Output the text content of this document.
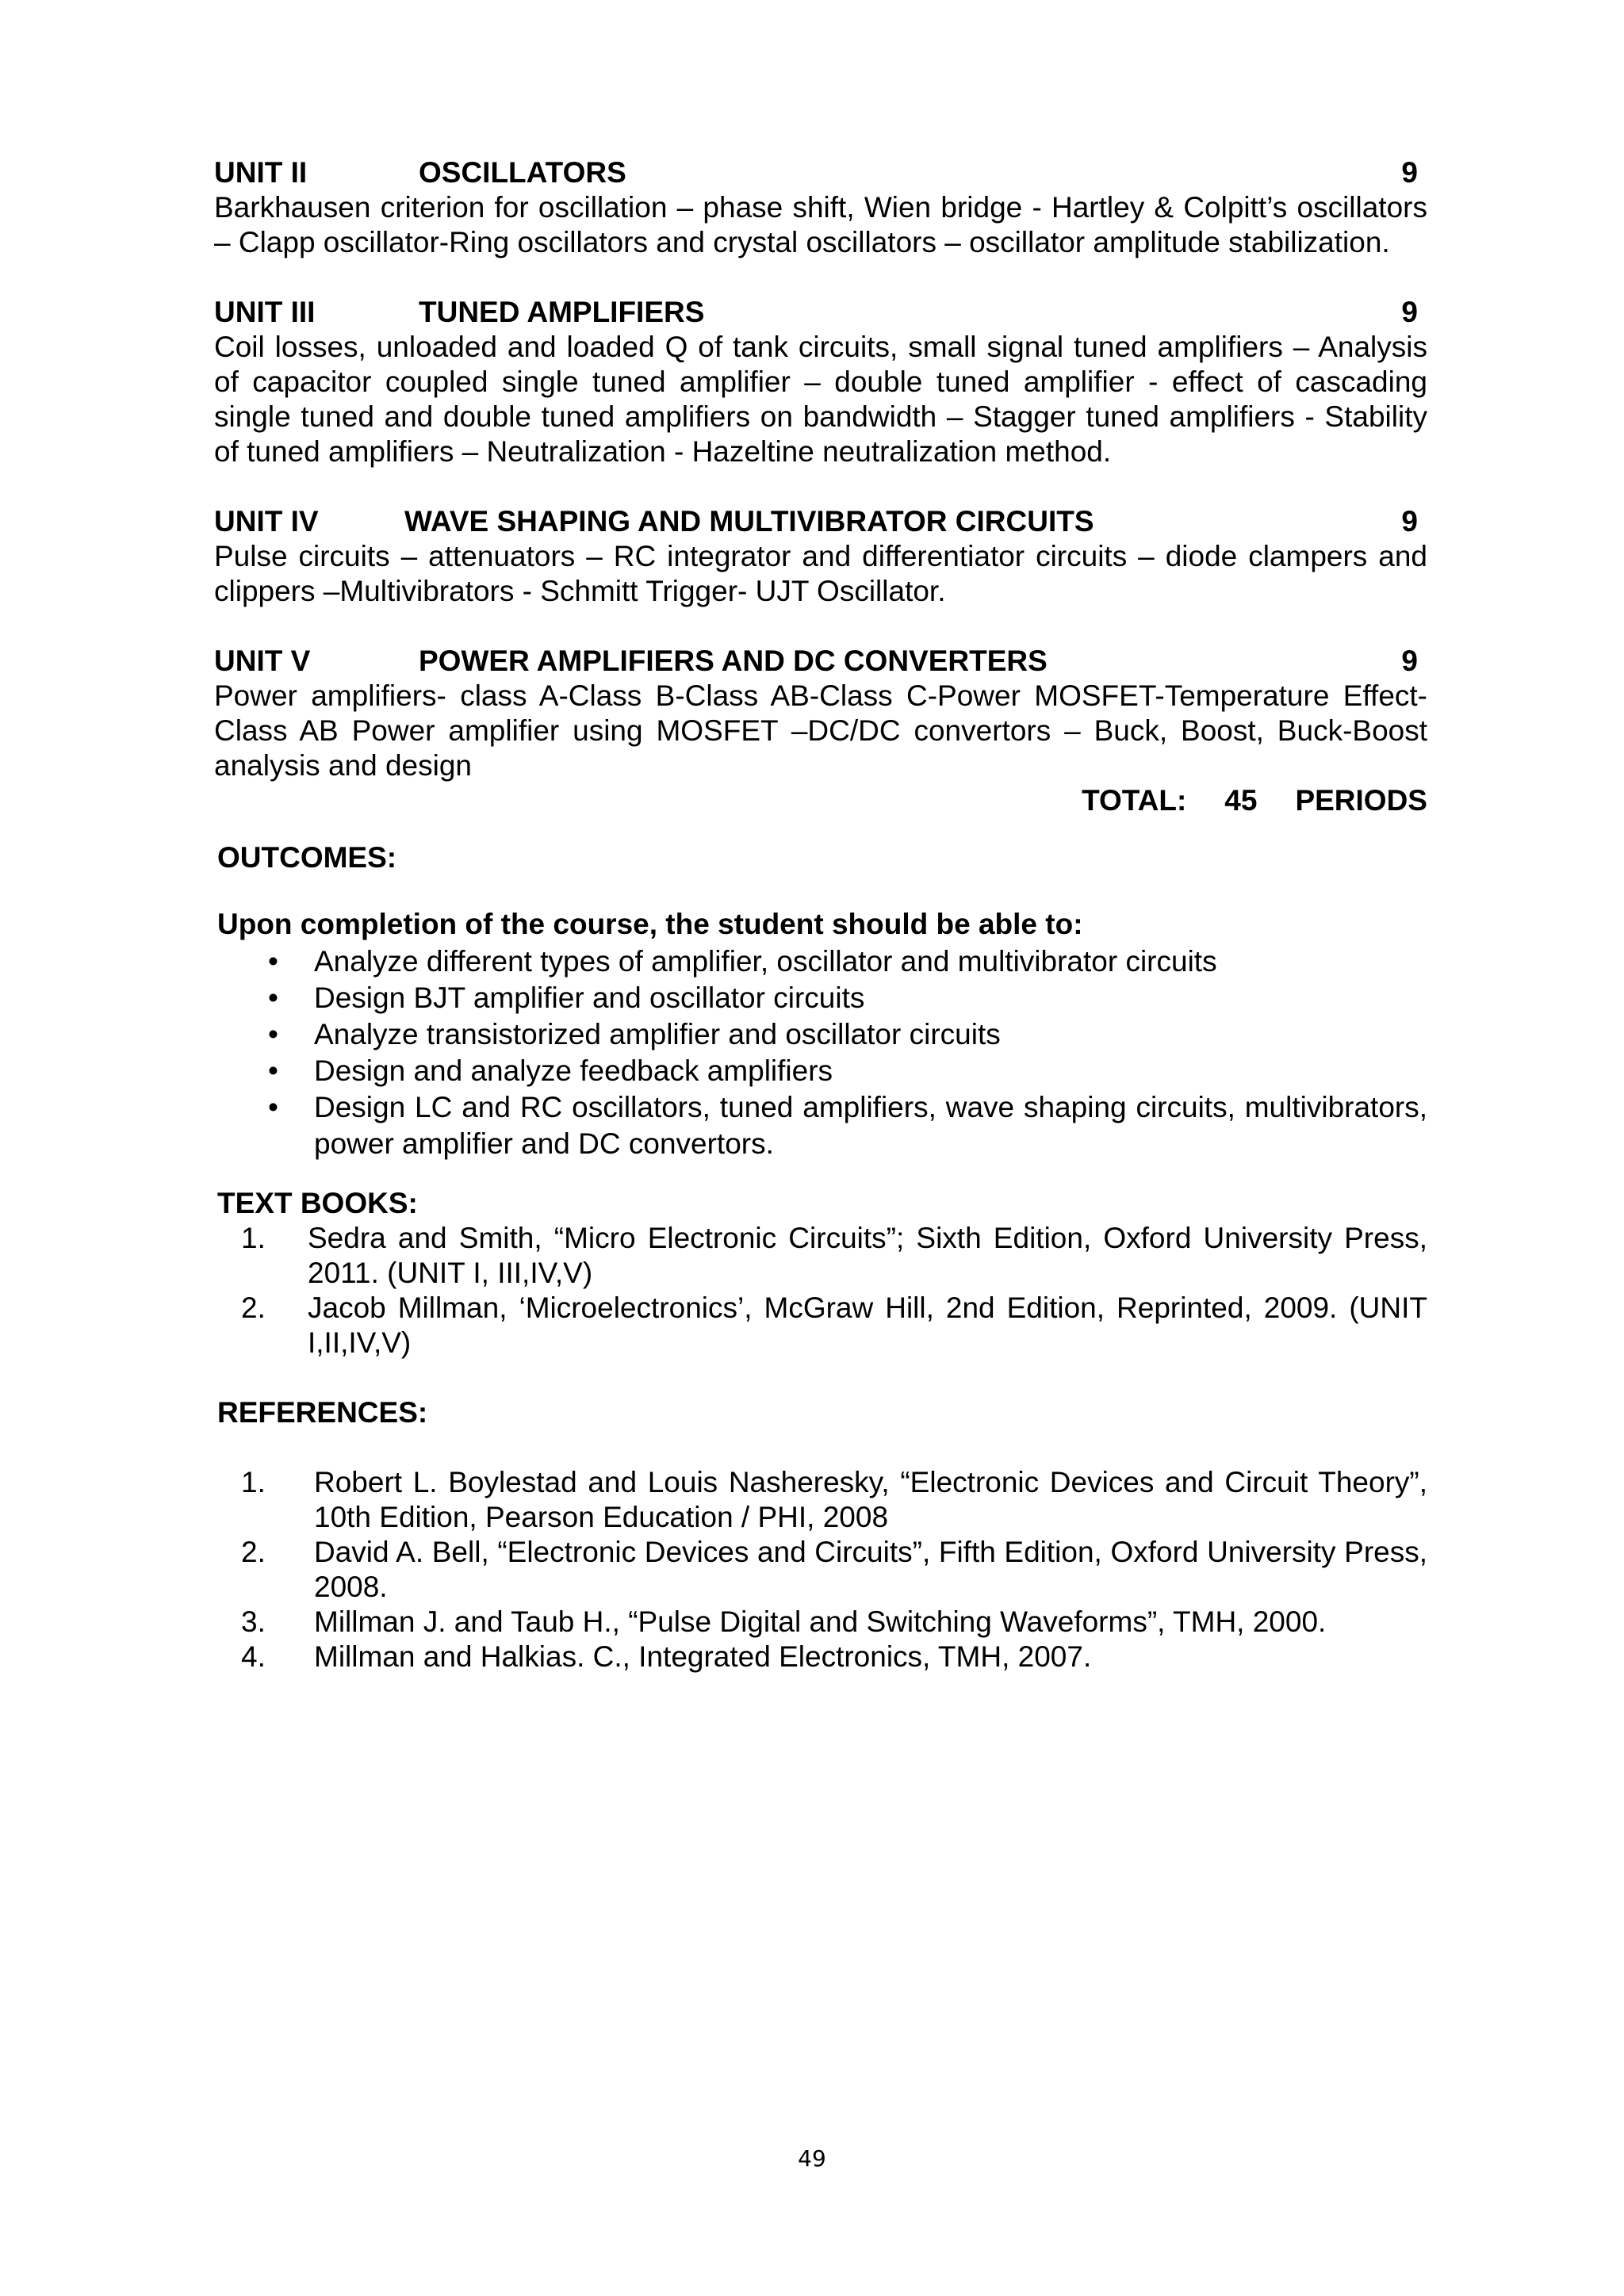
UNIT II	OSCILLATORS	9
Barkhausen criterion for oscillation – phase shift, Wien bridge - Hartley & Colpitt’s oscillators – Clapp oscillator-Ring oscillators and crystal oscillators – oscillator amplitude stabilization.
UNIT III	TUNED AMPLIFIERS	9
Coil losses, unloaded and loaded Q of tank circuits, small signal tuned amplifiers – Analysis of capacitor coupled single tuned amplifier – double tuned amplifier - effect of cascading single tuned and double tuned amplifiers on bandwidth – Stagger tuned amplifiers - Stability of tuned amplifiers – Neutralization - Hazeltine neutralization method.
UNIT IV	WAVE SHAPING AND MULTIVIBRATOR CIRCUITS	9
Pulse circuits – attenuators – RC integrator and differentiator circuits – diode clampers and clippers –Multivibrators - Schmitt Trigger- UJT Oscillator.
UNIT V	POWER AMPLIFIERS AND DC CONVERTERS	9
Power amplifiers- class A-Class B-Class AB-Class C-Power MOSFET-Temperature Effect- Class AB Power amplifier using MOSFET –DC/DC convertors – Buck, Boost, Buck-Boost analysis and design
TOTAL: 45 PERIODS
OUTCOMES:
Upon completion of the course, the student should be able to:
• Analyze different types of amplifier, oscillator and multivibrator circuits
• Design BJT amplifier and oscillator circuits
• Analyze transistorized amplifier and oscillator circuits
• Design and analyze feedback amplifiers
• Design LC and RC oscillators, tuned amplifiers, wave shaping circuits, multivibrators, power amplifier and DC convertors.
TEXT BOOKS:
1. Sedra and Smith, “Micro Electronic Circuits”; Sixth Edition, Oxford University Press, 2011. (UNIT I, III,IV,V)
2. Jacob Millman, ‘Microelectronics’, McGraw Hill, 2nd Edition, Reprinted, 2009. (UNIT I,II,IV,V)
REFERENCES:
1. Robert L. Boylestad and Louis Nasheresky, “Electronic Devices and Circuit Theory”, 10th Edition, Pearson Education / PHI, 2008
2. David A. Bell, “Electronic Devices and Circuits”, Fifth Edition, Oxford University Press, 2008.
3. Millman J. and Taub H., “Pulse Digital and Switching Waveforms”, TMH, 2000.
4. Millman and Halkias. C., Integrated Electronics, TMH, 2007.
49
